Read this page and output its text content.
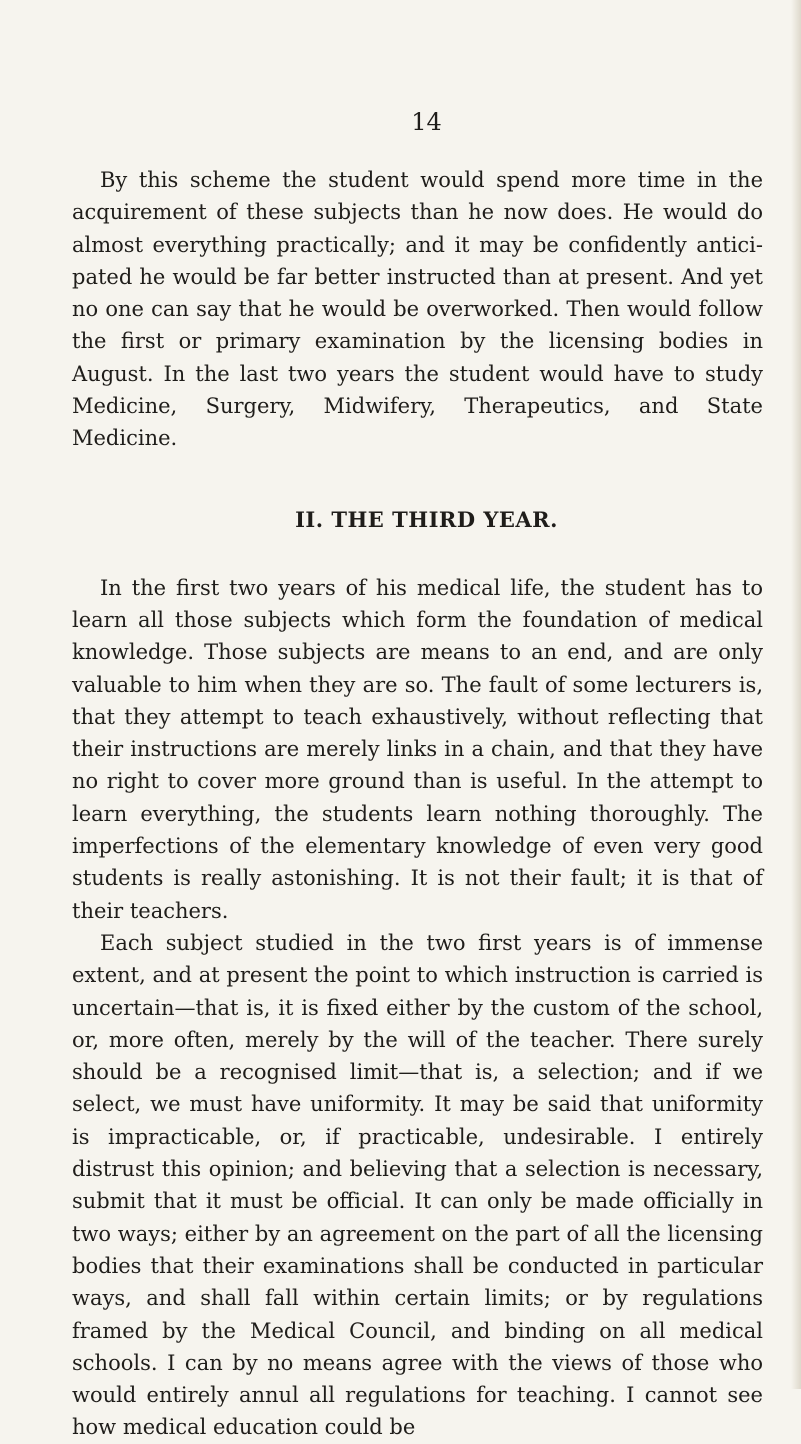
14

By this scheme the student would spend more time in the acquirement of these subjects than he now does. He would do almost everything practically; and it may be confidently antici-pated he would be far better instructed than at present. And yet no one can say that he would be overworked. Then would follow the first or primary examination by the licensing bodies in August. In the last two years the student would have to study Medicine, Surgery, Midwifery, Therapeutics, and State Medicine.

II. THE THIRD YEAR.

In the first two years of his medical life, the student has to learn all those subjects which form the foundation of medical knowledge. Those subjects are means to an end, and are only valuable to him when they are so. The fault of some lecturers is, that they attempt to teach exhaustively, without reflecting that their instructions are merely links in a chain, and that they have no right to cover more ground than is useful. In the attempt to learn everything, the students learn nothing thoroughly. The imperfections of the elementary knowledge of even very good students is really astonishing. It is not their fault; it is that of their teachers.

Each subject studied in the two first years is of immense extent, and at present the point to which instruction is carried is uncertain—that is, it is fixed either by the custom of the school, or, more often, merely by the will of the teacher. There surely should be a recognised limit—that is, a selection; and if we select, we must have uniformity. It may be said that uniformity is impracticable, or, if practicable, undesirable. I entirely distrust this opinion; and believing that a selection is necessary, submit that it must be official. It can only be made officially in two ways; either by an agreement on the part of all the licensing bodies that their examinations shall be conducted in particular ways, and shall fall within certain limits; or by regulations framed by the Medical Council, and binding on all medical schools. I can by no means agree with the views of those who would entirely annul all regulations for teaching. I cannot see how medical education could be
